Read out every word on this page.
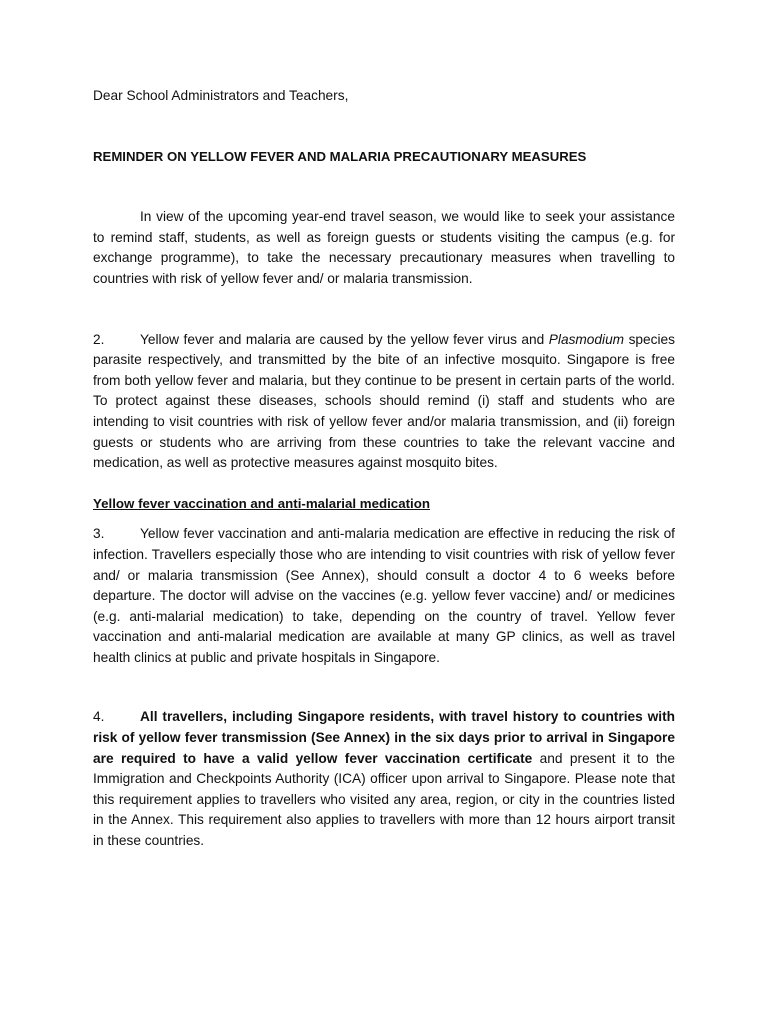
Dear School Administrators and Teachers,

REMINDER ON YELLOW FEVER AND MALARIA PRECAUTIONARY MEASURES

In view of the upcoming year-end travel season, we would like to seek your assistance to remind staff, students, as well as foreign guests or students visiting the campus (e.g. for exchange programme), to take the necessary precautionary measures when travelling to countries with risk of yellow fever and/ or malaria transmission.

2.	Yellow fever and malaria are caused by the yellow fever virus and Plasmodium species parasite respectively, and transmitted by the bite of an infective mosquito. Singapore is free from both yellow fever and malaria, but they continue to be present in certain parts of the world. To protect against these diseases, schools should remind (i) staff and students who are intending to visit countries with risk of yellow fever and/or malaria transmission, and (ii) foreign guests or students who are arriving from these countries to take the relevant vaccine and medication, as well as protective measures against mosquito bites.

Yellow fever vaccination and anti-malarial medication

3.	Yellow fever vaccination and anti-malaria medication are effective in reducing the risk of infection. Travellers especially those who are intending to visit countries with risk of yellow fever and/ or malaria transmission (See Annex), should consult a doctor 4 to 6 weeks before departure. The doctor will advise on the vaccines (e.g. yellow fever vaccine) and/ or medicines (e.g. anti-malarial medication) to take, depending on the country of travel. Yellow fever vaccination and anti-malarial medication are available at many GP clinics, as well as travel health clinics at public and private hospitals in Singapore.

4.	All travellers, including Singapore residents, with travel history to countries with risk of yellow fever transmission (See Annex) in the six days prior to arrival in Singapore are required to have a valid yellow fever vaccination certificate and present it to the Immigration and Checkpoints Authority (ICA) officer upon arrival to Singapore. Please note that this requirement applies to travellers who visited any area, region, or city in the countries listed in the Annex. This requirement also applies to travellers with more than 12 hours airport transit in these countries.
